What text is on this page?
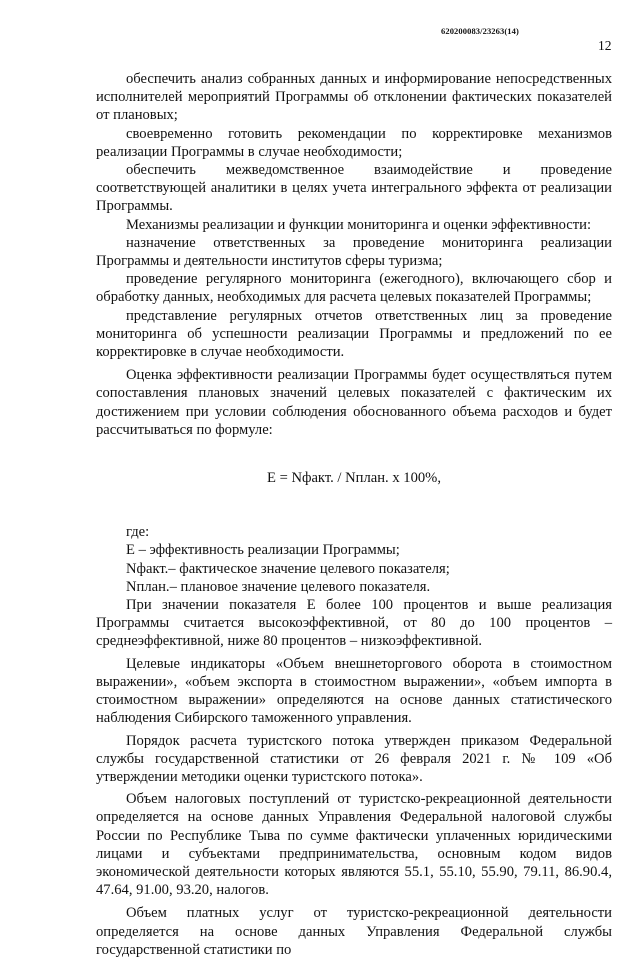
620200083/23263(14)
12

обеспечить анализ собранных данных и информирование непосредственных исполнителей мероприятий Программы об отклонении фактических показателей от плановых;

своевременно готовить рекомендации по корректировке механизмов реализации Программы в случае необходимости;

обеспечить межведомственное взаимодействие и проведение соответствующей аналитики в целях учета интегрального эффекта от реализации Программы.

Механизмы реализации и функции мониторинга и оценки эффективности:

назначение ответственных за проведение мониторинга реализации Программы и деятельности институтов сферы туризма;

проведение регулярного мониторинга (ежегодного), включающего сбор и обработку данных, необходимых для расчета целевых показателей Программы;

представление регулярных отчетов ответственных лиц за проведение мониторинга об успешности реализации Программы и предложений по ее корректировке в случае необходимости.

Оценка эффективности реализации Программы будет осуществляться путем сопоставления плановых значений целевых показателей с фактическим их достижением при условии соблюдения обоснованного объема расходов и будет рассчитываться по формуле:

E = Nфакт. / Nплан. x 100%,

где:

E – эффективность реализации Программы;

Nфакт.– фактическое значение целевого показателя;

Nплан.– плановое значение целевого показателя.

При значении показателя E более 100 процентов и выше реализация Программы считается высокоэффективной, от 80 до 100 процентов – среднеэффективной, ниже 80 процентов – низкоэффективной.

Целевые индикаторы «Объем внешнеторгового оборота в стоимостном выражении», «объем экспорта в стоимостном выражении», «объем импорта в стоимостном выражении» определяются на основе данных статистического наблюдения Сибирского таможенного управления.

Порядок расчета туристского потока утвержден приказом Федеральной службы государственной статистики от 26 февраля 2021 г. № 109 «Об утверждении методики оценки туристского потока».

Объем налоговых поступлений от туристско-рекреационной деятельности определяется на основе данных Управления Федеральной налоговой службы России по Республике Тыва по сумме фактически уплаченных юридическими лицами и субъектами предпринимательства, основным кодом видов экономической деятельности которых являются 55.1, 55.10, 55.90, 79.11, 86.90.4, 47.64, 91.00, 93.20, налогов.

Объем платных услуг от туристско-рекреационной деятельности определяется на основе данных Управления Федеральной службы государственной статистики по
